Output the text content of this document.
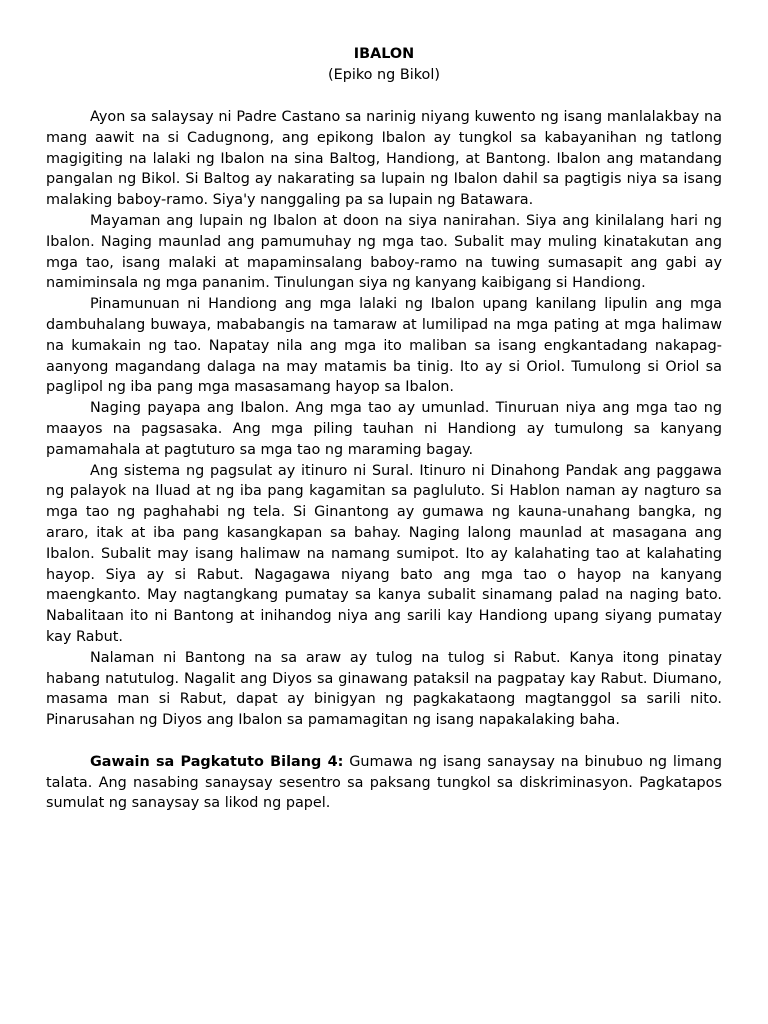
IBALON
(Epiko ng Bikol)

Ayon sa salaysay ni Padre Castano sa narinig niyang kuwento ng isang manlalakbay na mang aawit na si Cadugnong, ang epikong Ibalon ay tungkol sa kabayanihan ng tatlong magigiting na lalaki ng Ibalon na sina Baltog, Handiong, at Bantong. Ibalon ang matandang pangalan ng Bikol. Si Baltog ay nakarating sa lupain ng Ibalon dahil sa pagtigis niya sa isang malaking baboy-ramo. Siya'y nanggaling pa sa lupain ng Batawara.

Mayaman ang lupain ng Ibalon at doon na siya nanirahan. Siya ang kinilalang hari ng Ibalon. Naging maunlad ang pamumuhay ng mga tao. Subalit may muling kinatakutan ang mga tao, isang malaki at mapaminsalang baboy-ramo na tuwing sumasapit ang gabi ay namiminsala ng mga pananim. Tinulungan siya ng kanyang kaibigang si Handiong.

Pinamunuan ni Handiong ang mga lalaki ng Ibalon upang kanilang lipulin ang mga dambuhalang buwaya, mababangis na tamaraw at lumilipad na mga pating at mga halimaw na kumakain ng tao. Napatay nila ang mga ito maliban sa isang engkantadang nakapag-aanyong magandang dalaga na may matamis ba tinig. Ito ay si Oriol. Tumulong si Oriol sa paglipol ng iba pang mga masasamang hayop sa Ibalon.

Naging payapa ang Ibalon. Ang mga tao ay umunlad. Tinuruan niya ang mga tao ng maayos na pagsasaka. Ang mga piling tauhan ni Handiong ay tumulong sa kanyang pamamahala at pagtuturo sa mga tao ng maraming bagay.

Ang sistema ng pagsulat ay itinuro ni Sural. Itinuro ni Dinahong Pandak ang paggawa ng palayok na Iluad at ng iba pang kagamitan sa pagluluto. Si Hablon naman ay nagturo sa mga tao ng paghahabi ng tela. Si Ginantong ay gumawa ng kauna-unahang bangka, ng araro, itak at iba pang kasangkapan sa bahay. Naging lalong maunlad at masagana ang Ibalon. Subalit may isang halimaw na namang sumipot. Ito ay kalahating tao at kalahating hayop. Siya ay si Rabut. Nagagawa niyang bato ang mga tao o hayop na kanyang maengkanto. May nagtangkang pumatay sa kanya subalit sinamang palad na naging bato. Nabalitaan ito ni Bantong at inihandog niya ang sarili kay Handiong upang siyang pumatay kay Rabut.

Nalaman ni Bantong na sa araw ay tulog na tulog si Rabut. Kanya itong pinatay habang natutulog. Nagalit ang Diyos sa ginawang pataksil na pagpatay kay Rabut. Diumano, masama man si Rabut, dapat ay binigyan ng pagkakataong magtanggol sa sarili nito. Pinarusahan ng Diyos ang Ibalon sa pamamagitan ng isang napakalaking baha.

Gawain sa Pagkatuto Bilang 4: Gumawa ng isang sanaysay na binubuo ng limang talata. Ang nasabing sanaysay sesentro sa paksang tungkol sa diskriminasyon. Pagkatapos sumulat ng sanaysay sa likod ng papel.
